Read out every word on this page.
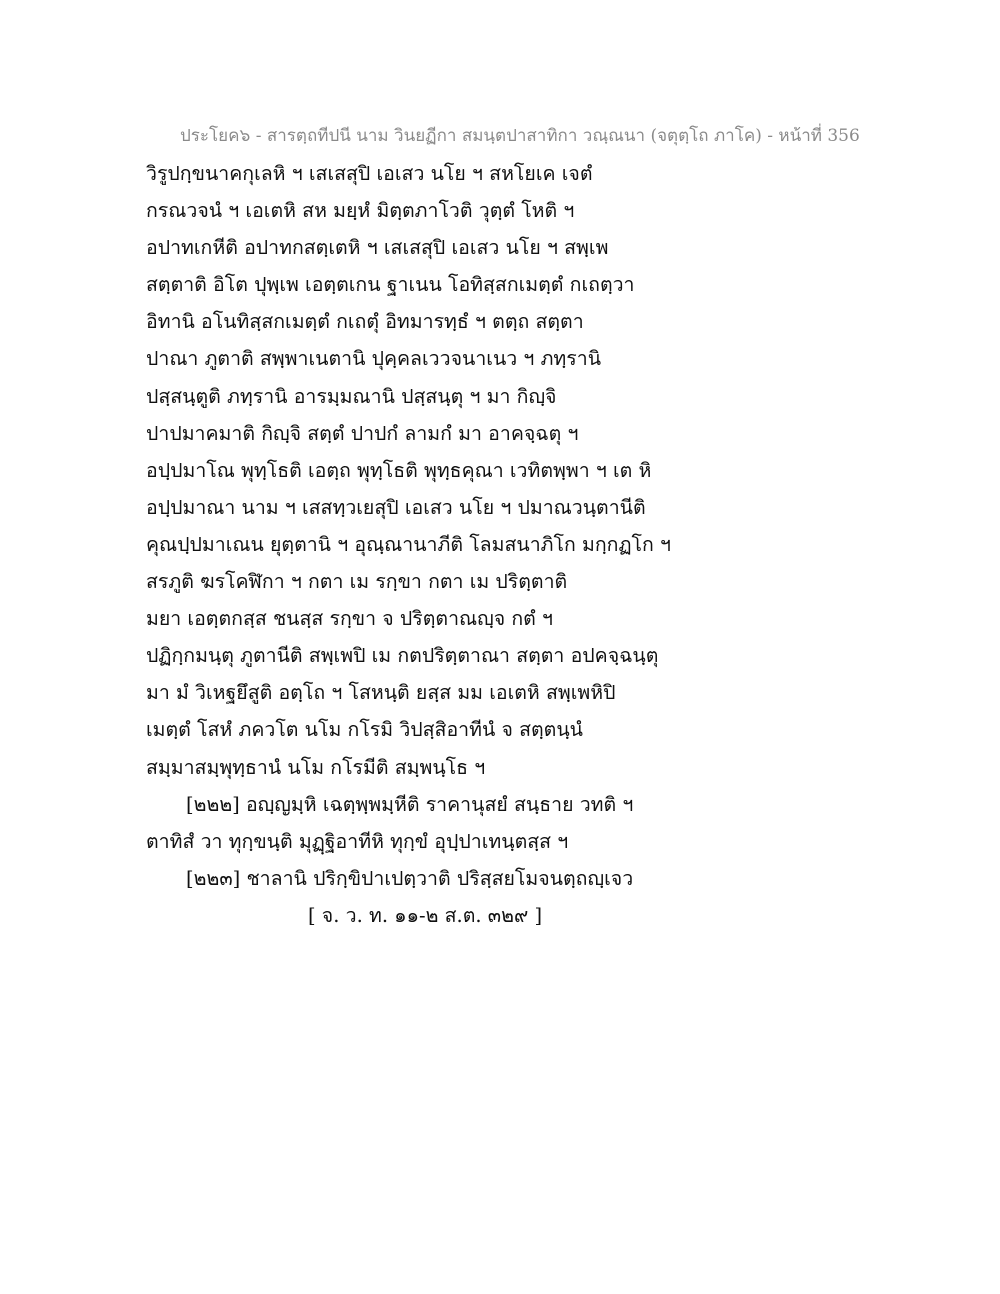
ประโยค๖ - สารตฺถทีปนี นาม วินยฏีกา สมนฺตปาสาทิกา วณฺณนา (จตุตฺโถ ภาโค) - หน้าที่ 356
วิรูปกฺขนาคกุเลหิ ฯ เสเสสุปิ เอเสว นโย ฯ สหโยเค เจตํ
กรณวจนํ ฯ เอเตหิ สห มยฺหํ มิตฺตภาโวติ วุตฺตํ โหติ ฯ
อปาทเกหีติ อปาทกสตฺเตหิ ฯ เสเสสุปิ เอเสว นโย ฯ สพฺเพ
สตฺตาติ อิโต ปุพฺเพ เอตฺตเกน ฐาเนน โอทิสฺสกเมตฺตํ กเถตฺวา
อิทานิ อโนทิสฺสกเมตฺตํ กเถตุํ อิทมารทฺธํ ฯ ตตฺถ สตฺตา
ปาณา ภูตาติ สพฺพาเนตานิ ปุคฺคลเววจนาเนว ฯ ภทฺรานิ
ปสฺสนฺตูติ ภทฺรานิ อารมฺมณานิ ปสฺสนฺตุ ฯ มา กิญฺจิ
ปาปมาคมาติ กิญฺจิ สตฺตํ ปาปกํ ลามกํ มา อาคจฺฉตุ ฯ
อปฺปมาโณ พุทฺโธติ เอตฺถ พุทฺโธติ พุทฺธคุณา เวทิตพฺพา ฯ เต หิ
อปฺปมาณา นาม ฯ เสสทฺวเยสุปิ เอเสว นโย ฯ ปมาณวนฺตานีติ
คุณปฺปมาเณน ยุตฺตานิ ฯ อุณฺณานาภีติ โลมสนาภิโก มกฺกฏโก ฯ
สรภูติ ฆรโคฬิกา ฯ กตา เม รกฺขา กตา เม ปริตฺตาติ
มยา เอตฺตกสฺส ชนสฺส รกฺขา จ ปริตฺตาณญฺจ กตํ ฯ
ปฏิกฺกมนฺตุ ภูตานีติ สพฺเพปิ เม กตปริตฺตาณา สตฺตา อปคจฺฉนฺตุ
มา มํ วิเหฐยึสูติ อตฺโถ ฯ โสหนฺติ ยสฺส มม เอเตหิ สพฺเพหิปิ
เมตฺตํ โสหํ ภควโต นโม กโรมิ วิปสฺสิอาทีนํ จ สตฺตนฺนํ
สมฺมาสมฺพุทฺธานํ นโม กโรมีติ สมฺพนฺโธ ฯ
[๒๒๒] อญฺญมฺหิ เฉตฺพฺพมฺหีติ ราคานุสยํ สนฺธาย วทติ ฯ
ตาทิสํ วา ทุกฺขนฺติ มุฏฺฐิอาทีหิ ทุกฺขํ อุปฺปาเทนฺตสฺส ฯ
[๒๒๓] ชาลานิ ปริกฺขิปาเปตฺวาติ ปริสฺสยโมจนตฺถญฺเจว
[ จ. ว. ท. ๑๑-๒ ส.ต. ๓๒๙ ]
